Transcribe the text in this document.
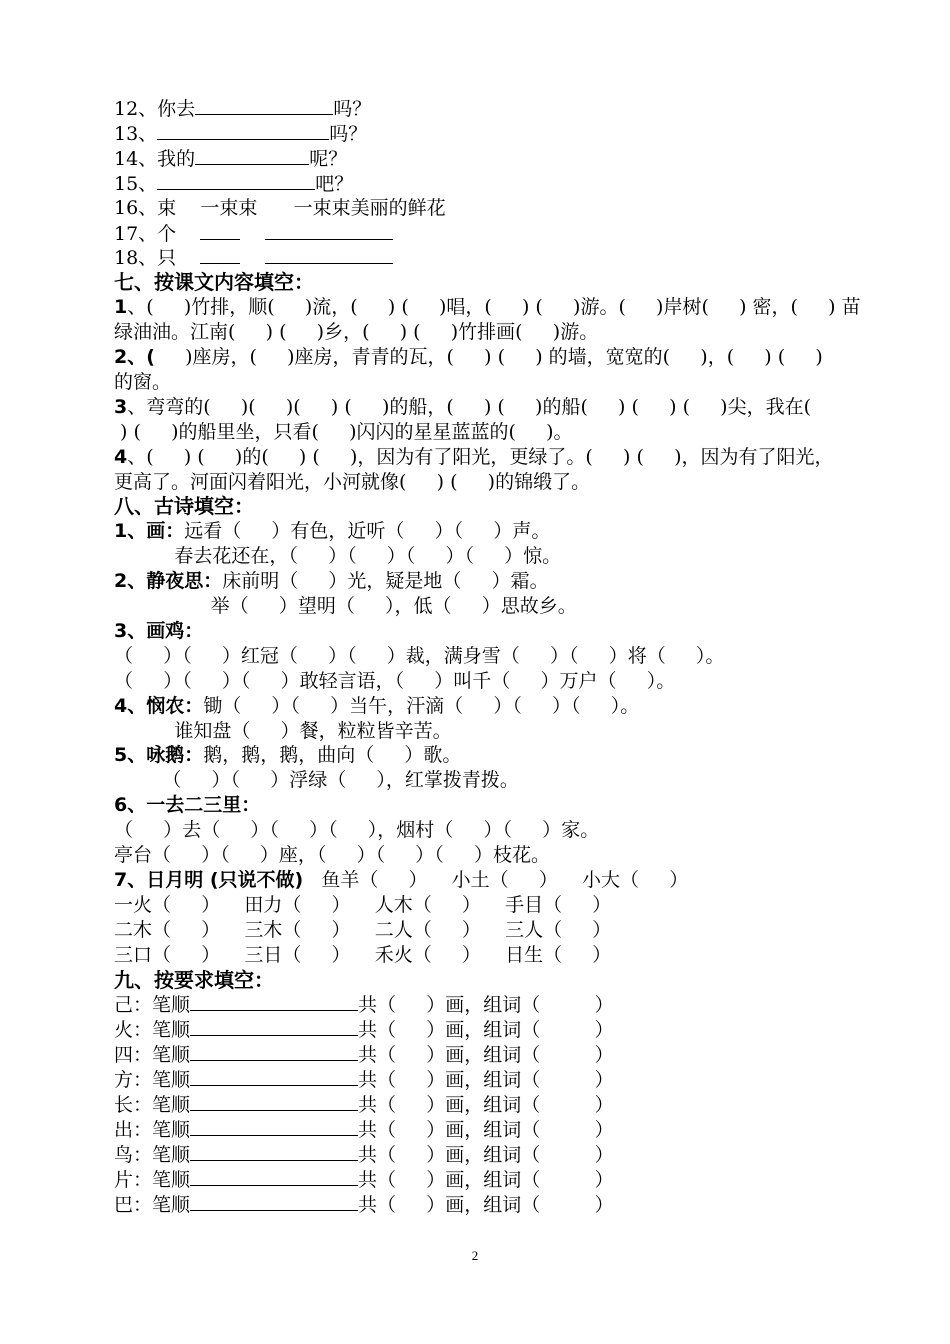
12、你去	吗？
13、	吗？
14、我的	呢？
15、	吧？
16、束    一束束      一束束美丽的鲜花
17、个
18、只
七、按课文内容填空：
1、(     )竹排，顺(     )流，(     ) (     )唱，(     ) (     )游。(     )岸树(     ) 密，(     ) 苗
绿油油。江南(     ) (     )乡，(     ) (     )竹排画(     )游。
2、(     )座房，(     )座房，青青的瓦，(     ) (     ) 的墙，宽宽的(     )，(     ) (     )
的窗。
3、弯弯的(     )(     )(     ) (     )的船，(     ) (     )的船(     ) (     ) (     )尖，我在(
) (     )的船里坐，只看(     )闪闪的星星蓝蓝的(     )。
4、(     ) (     )的(     ) (     )，因为有了阳光，更绿了。(     ) (     )，因为有了阳光，
更高了。河面闪着阳光，小河就像(     ) (     )的锦缎了。
八、古诗填空：
1、画：远看（     ）有色，近听（     ）（     ）声。
春去花还在，（     ）（     ）（     ）（     ）惊。
2、静夜思：床前明（     ）光，疑是地（     ）霜。
举（     ）望明（     ），低（     ）思故乡。
3、画鸡：
（     ）（     ）红冠（     ）（     ）裁，满身雪（     ）（     ）将（     ）。
（     ）（     ）（     ）敢轻言语，（     ）叫千（     ）万户（     ）。
4、悯农：锄（     ）（     ）当午，汗滴（     ）（     ）（     ）。
谁知盘（     ）餐，粒粒皆辛苦。
5、咏鹅：鹅，鹅，鹅，曲向（     ）歌。
（     ）（     ）浮绿（     ），红掌拨青拨。
6、一去二三里：
（     ）去（     ）（     ）（     ），烟村（     ）（     ）家。
亭台（     ）（     ）座，（     ）（     ）（     ）枝花。
7、日月明 (只说不做)   鱼羊（     ）    小土（     ）    小大（     ）
一火（     ）    田力（     ）    人木（     ）    手目（     ）
二木（     ）    三木（     ）    二人（     ）    三人（     ）
三口（     ）    三日（     ）    禾火（     ）    日生（     ）
九、按要求填空：
己：笔顺	共（     ）画，组词（         ）
火：笔顺	共（     ）画，组词（         ）
四：笔顺	共（     ）画，组词（         ）
方：笔顺	共（     ）画，组词（         ）
长：笔顺	共（     ）画，组词（         ）
出：笔顺	共（     ）画，组词（         ）
鸟：笔顺	共（     ）画，组词（         ）
片：笔顺	共（     ）画，组词（         ）
巴：笔顺	共（     ）画，组词（         ）
2
